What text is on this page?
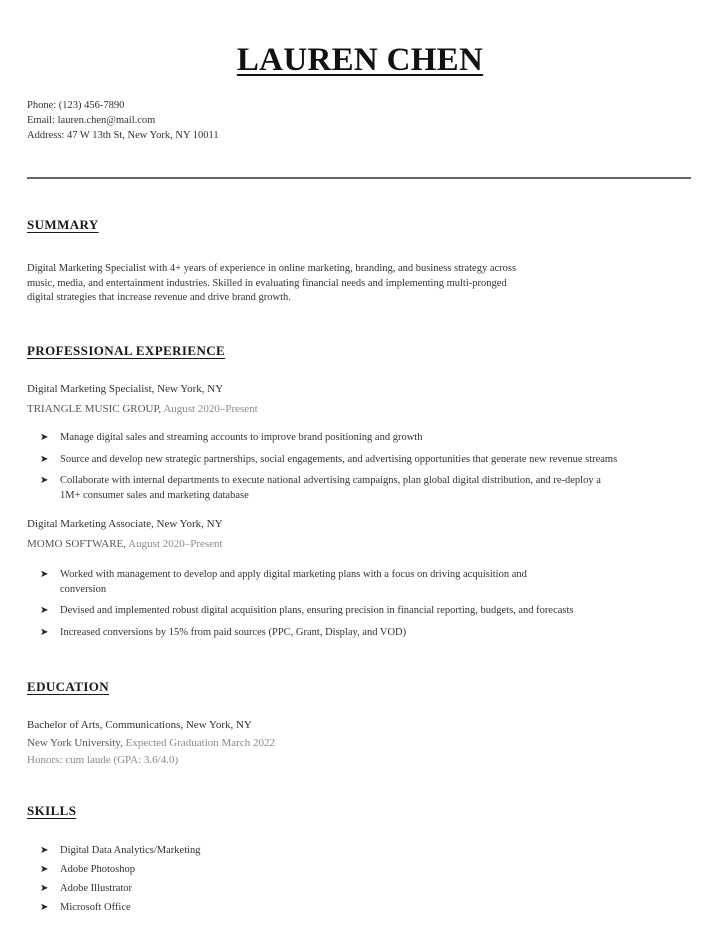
LAUREN CHEN
Phone: (123) 456-7890
Email: lauren.chen@mail.com
Address: 47 W 13th St, New York, NY 10011
SUMMARY
Digital Marketing Specialist with 4+ years of experience in online marketing, branding, and business strategy across
music, media, and entertainment industries. Skilled in evaluating financial needs and implementing multi-pronged
digital strategies that increase revenue and drive brand growth.
PROFESSIONAL EXPERIENCE
Digital Marketing Specialist, New York, NY
TRIANGLE MUSIC GROUP, August 2020–Present
➤ Manage digital sales and streaming accounts to improve brand positioning and growth
➤ Source and develop new strategic partnerships, social engagements, and advertising opportunities that generate new revenue streams
➤ Collaborate with internal departments to execute national advertising campaigns, plan global digital distribution, and re-deploy a
1M+ consumer sales and marketing database
Digital Marketing Associate, New York, NY
MOMO SOFTWARE, August 2020–Present
➤ Worked with management to develop and apply digital marketing plans with a focus on driving acquisition and
conversion
➤ Devised and implemented robust digital acquisition plans, ensuring precision in financial reporting, budgets, and forecasts
➤ Increased conversions by 15% from paid sources (PPC, Grant, Display, and VOD)
EDUCATION
Bachelor of Arts, Communications, New York, NY
New York University, Expected Graduation March 2022
Honors: cum laude (GPA: 3.6/4.0)
SKILLS
➤ Digital Data Analytics/Marketing
➤ Adobe Photoshop
➤ Adobe Illustrator
➤ Microsoft Office
